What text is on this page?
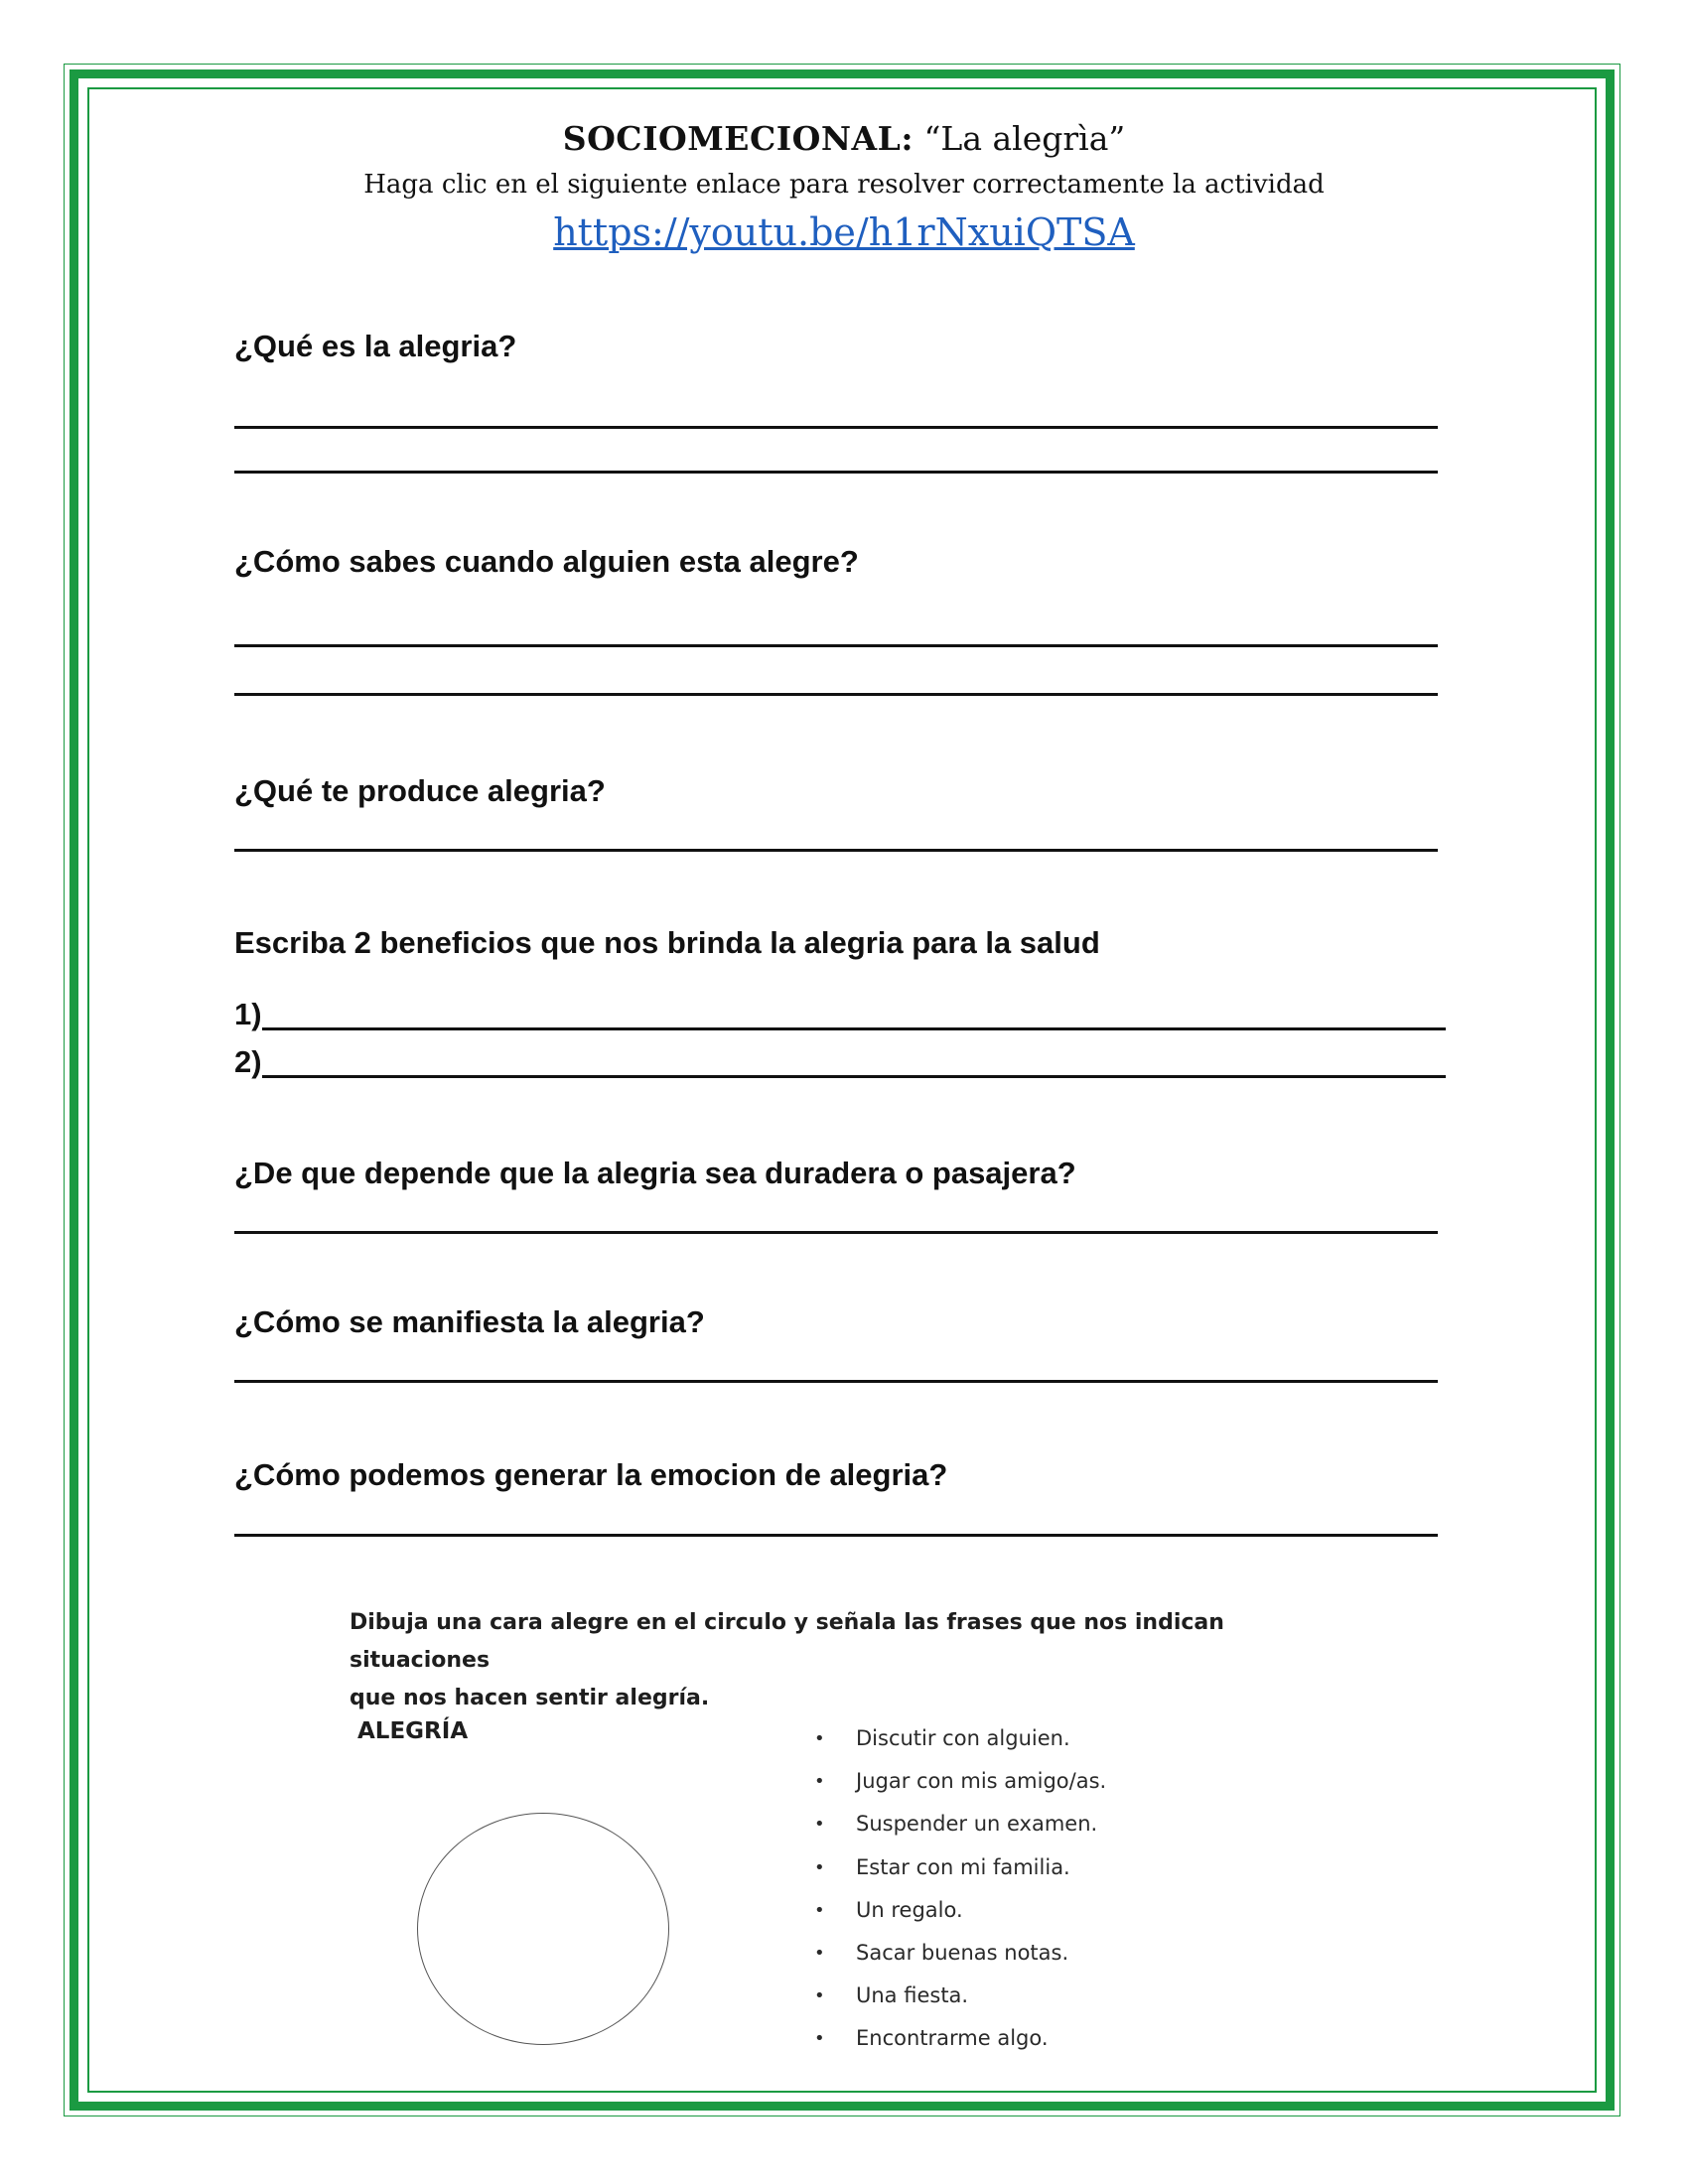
SOCIOMECIONAL: “La alegrìa”
Haga clic en el siguiente enlace para resolver correctamente la actividad
https://youtu.be/h1rNxuiQTSA
¿Qué es la alegria?
¿Cómo sabes cuando alguien esta alegre?
¿Qué te produce alegria?
Escriba 2 beneficios que nos brinda la alegria para la salud
1)
2)
¿De que depende que la alegria sea duradera o pasajera?
¿Cómo se manifiesta la alegria?
¿Cómo podemos generar la emocion de alegria?
Dibuja una cara alegre en el circulo y señala las frases que nos indican situaciones
que nos hacen sentir alegría.
ALEGRÍA	• Discutir con alguien.
• Jugar con mis amigo/as.
• Suspender un examen.
• Estar con mi familia.
• Un regalo.
• Sacar buenas notas.
• Una fiesta.
• Encontrarme algo.
